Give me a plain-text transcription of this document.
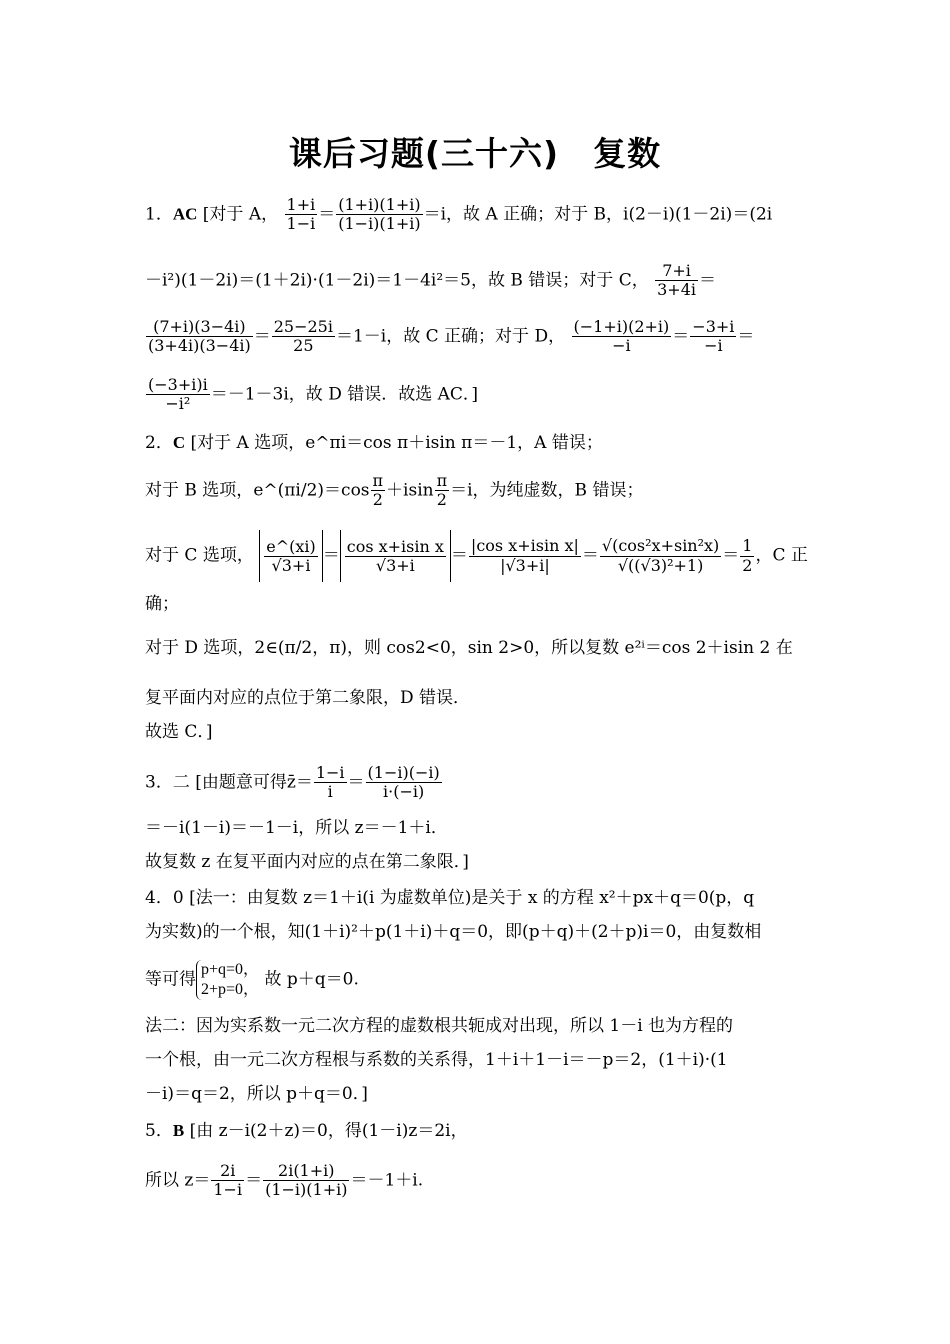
课后习题(三十六)　复数
1．AC [对于 A， $\frac{1+i}{1-i} = \frac{(1+i)(1+i)}{(1-i)(1+i)} =i$，故 A 正确；对于 B，i(2－i)(1－2i)＝(2i
－i²)(1－2i)＝(1＋2i)·(1－2i)＝1－4i²＝5，故 B 错误；对于 C， $\frac{7+i}{3+4i}$ ＝
$\frac{(7+i)(3-4i)}{(3+4i)(3-4i)} = \frac{25-25i}{25} =1-i$，故 C 正确；对于 D， $\frac{(-1+i)(2+i)}{-i} = \frac{-3+i}{-i}$ ＝
$\frac{(-3+i)i}{\text{−i²}} =-1-3i$，故 D 错误．故选 AC．]
2．C [对于 A 选项，e^πi＝cos π＋isin π＝－1，A 错误；
对于 B 选项，e^(πi/2)＝cos $\frac{\pi}{2} +isin \frac{\pi}{2} =i$，为纯虚数，B 错误；
对于 C 选项， $\frac{e\^{}(xi)}{√3+i} = \frac{\text{cos x+isin x}}{√3+i} = \frac{\text{|cos x+isin x|}}{|√3+i|} = \frac{\text{√(cos²x+sin²x)}}{\text{√((√3)²+1)}} = \frac{1}{2}$ ，C 正
确；
对于 D 选项，2∈(π/2，π)，则 cos2<0，sin 2>0，所以复数 e²ⁱ＝cos 2＋isin 2 在
复平面内对应的点位于第二象限，D 错误．
故选 C．]
3．二 [由题意可得z̄＝ $\frac{1-i}{i} = \frac{(1-i)(-i)}{i\cdot(-i)}$
＝－i(1－i)＝－1－i，所以 z＝－1＋i．
故复数 z 在复平面内对应的点在第二象限．]
4．0 [法一：由复数 z＝1＋i(i 为虚数单位)是关于 x 的方程 x²＋px＋q＝0(p，q
为实数)的一个根，知(1＋i)²＋p(1＋i)＋q＝0，即(p＋q)＋(2＋p)i＝0，由复数相
等可得 p+q=0，
2+p=0， 故 p＋q＝0.
法二：因为实系数一元二次方程的虚数根共轭成对出现，所以 1－i 也为方程的
一个根，由一元二次方程根与系数的关系得，1＋i＋1－i＝－p＝2，(1＋i)·(1
－i)＝q＝2，所以 p＋q＝0．]
5．B [由 z－i(2＋z)＝0，得(1－i)z＝2i，
所以 $z= \frac{2i}{1-i} = \frac{2i(1+i)}{(1-i)(1+i)} =-1+i$.
